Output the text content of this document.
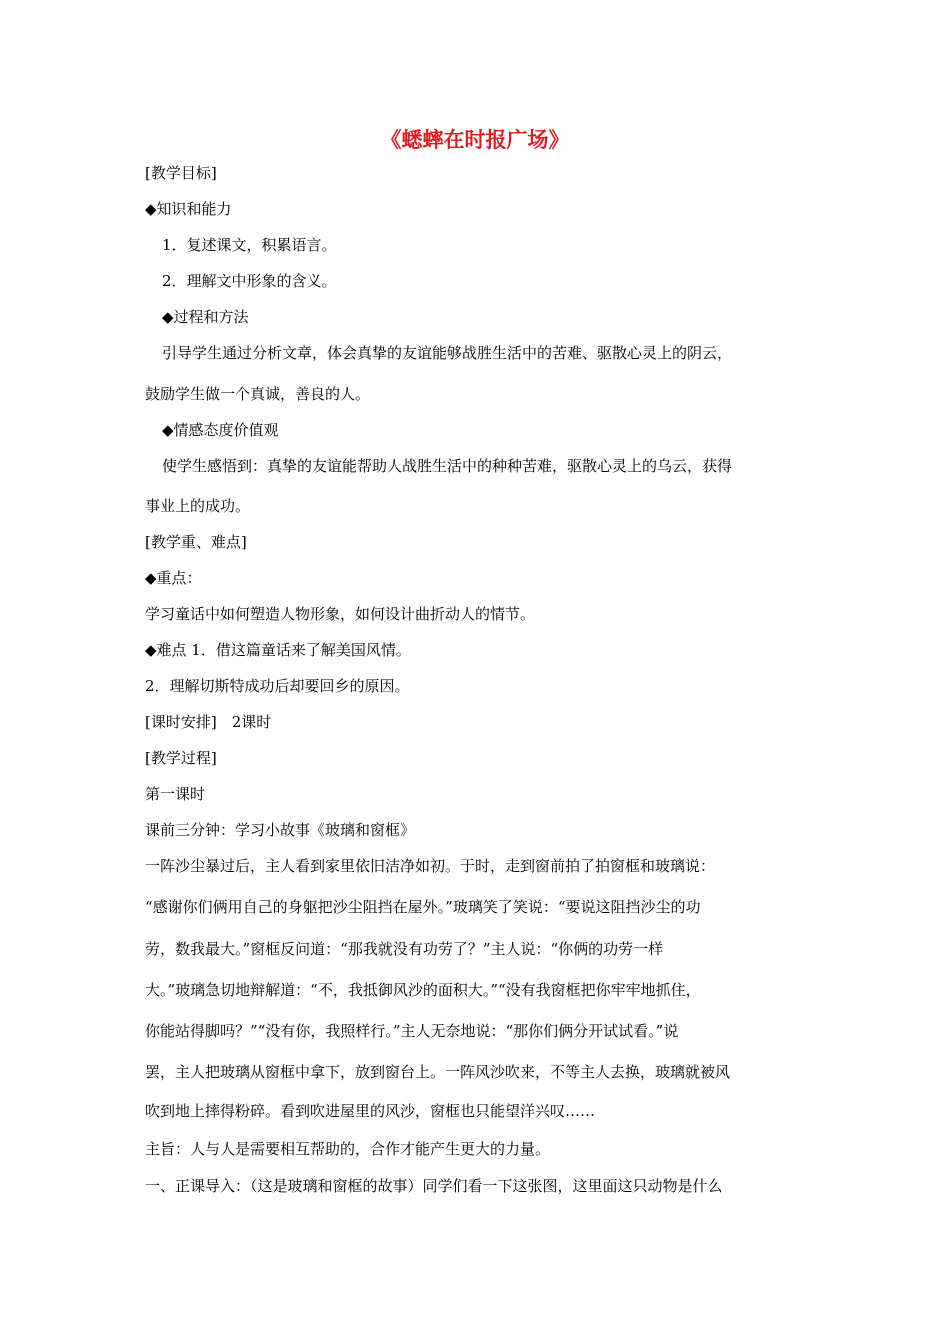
《蟋蟀在时报广场》
[教学目标]
◆知识和能力
1．复述课文，积累语言。
2．理解文中形象的含义。
◆过程和方法
引导学生通过分析文章，体会真挚的友谊能够战胜生活中的苦难、驱散心灵上的阴云，
鼓励学生做一个真诚，善良的人。
◆情感态度价值观
使学生感悟到：真挚的友谊能帮助人战胜生活中的种种苦难，驱散心灵上的乌云，获得
事业上的成功。
[教学重、难点]
◆重点：
学习童话中如何塑造人物形象，如何设计曲折动人的情节。
◆难点 1．借这篇童话来了解美国风情。
2．理解切斯特成功后却要回乡的原因。
[课时安排]　2课时
[教学过程]
第一课时
课前三分钟：学习小故事《玻璃和窗框》
一阵沙尘暴过后，主人看到家里依旧洁净如初。于时，走到窗前拍了拍窗框和玻璃说：
“感谢你们俩用自己的身躯把沙尘阻挡在屋外。”玻璃笑了笑说：“要说这阻挡沙尘的功
劳，数我最大。”窗框反问道：“那我就没有功劳了？”主人说：“你俩的功劳一样
大。”玻璃急切地辩解道：“不，我抵御风沙的面积大。”“没有我窗框把你牢牢地抓住，
你能站得脚吗？”“没有你，我照样行。”主人无奈地说：“那你们俩分开试试看。”说
罢，主人把玻璃从窗框中拿下，放到窗台上。一阵风沙吹来，不等主人去换，玻璃就被风
吹到地上摔得粉碎。看到吹进屋里的风沙，窗框也只能望洋兴叹……
主旨：人与人是需要相互帮助的，合作才能产生更大的力量。
一、正课导入：（这是玻璃和窗框的故事）同学们看一下这张图，这里面这只动物是什么
